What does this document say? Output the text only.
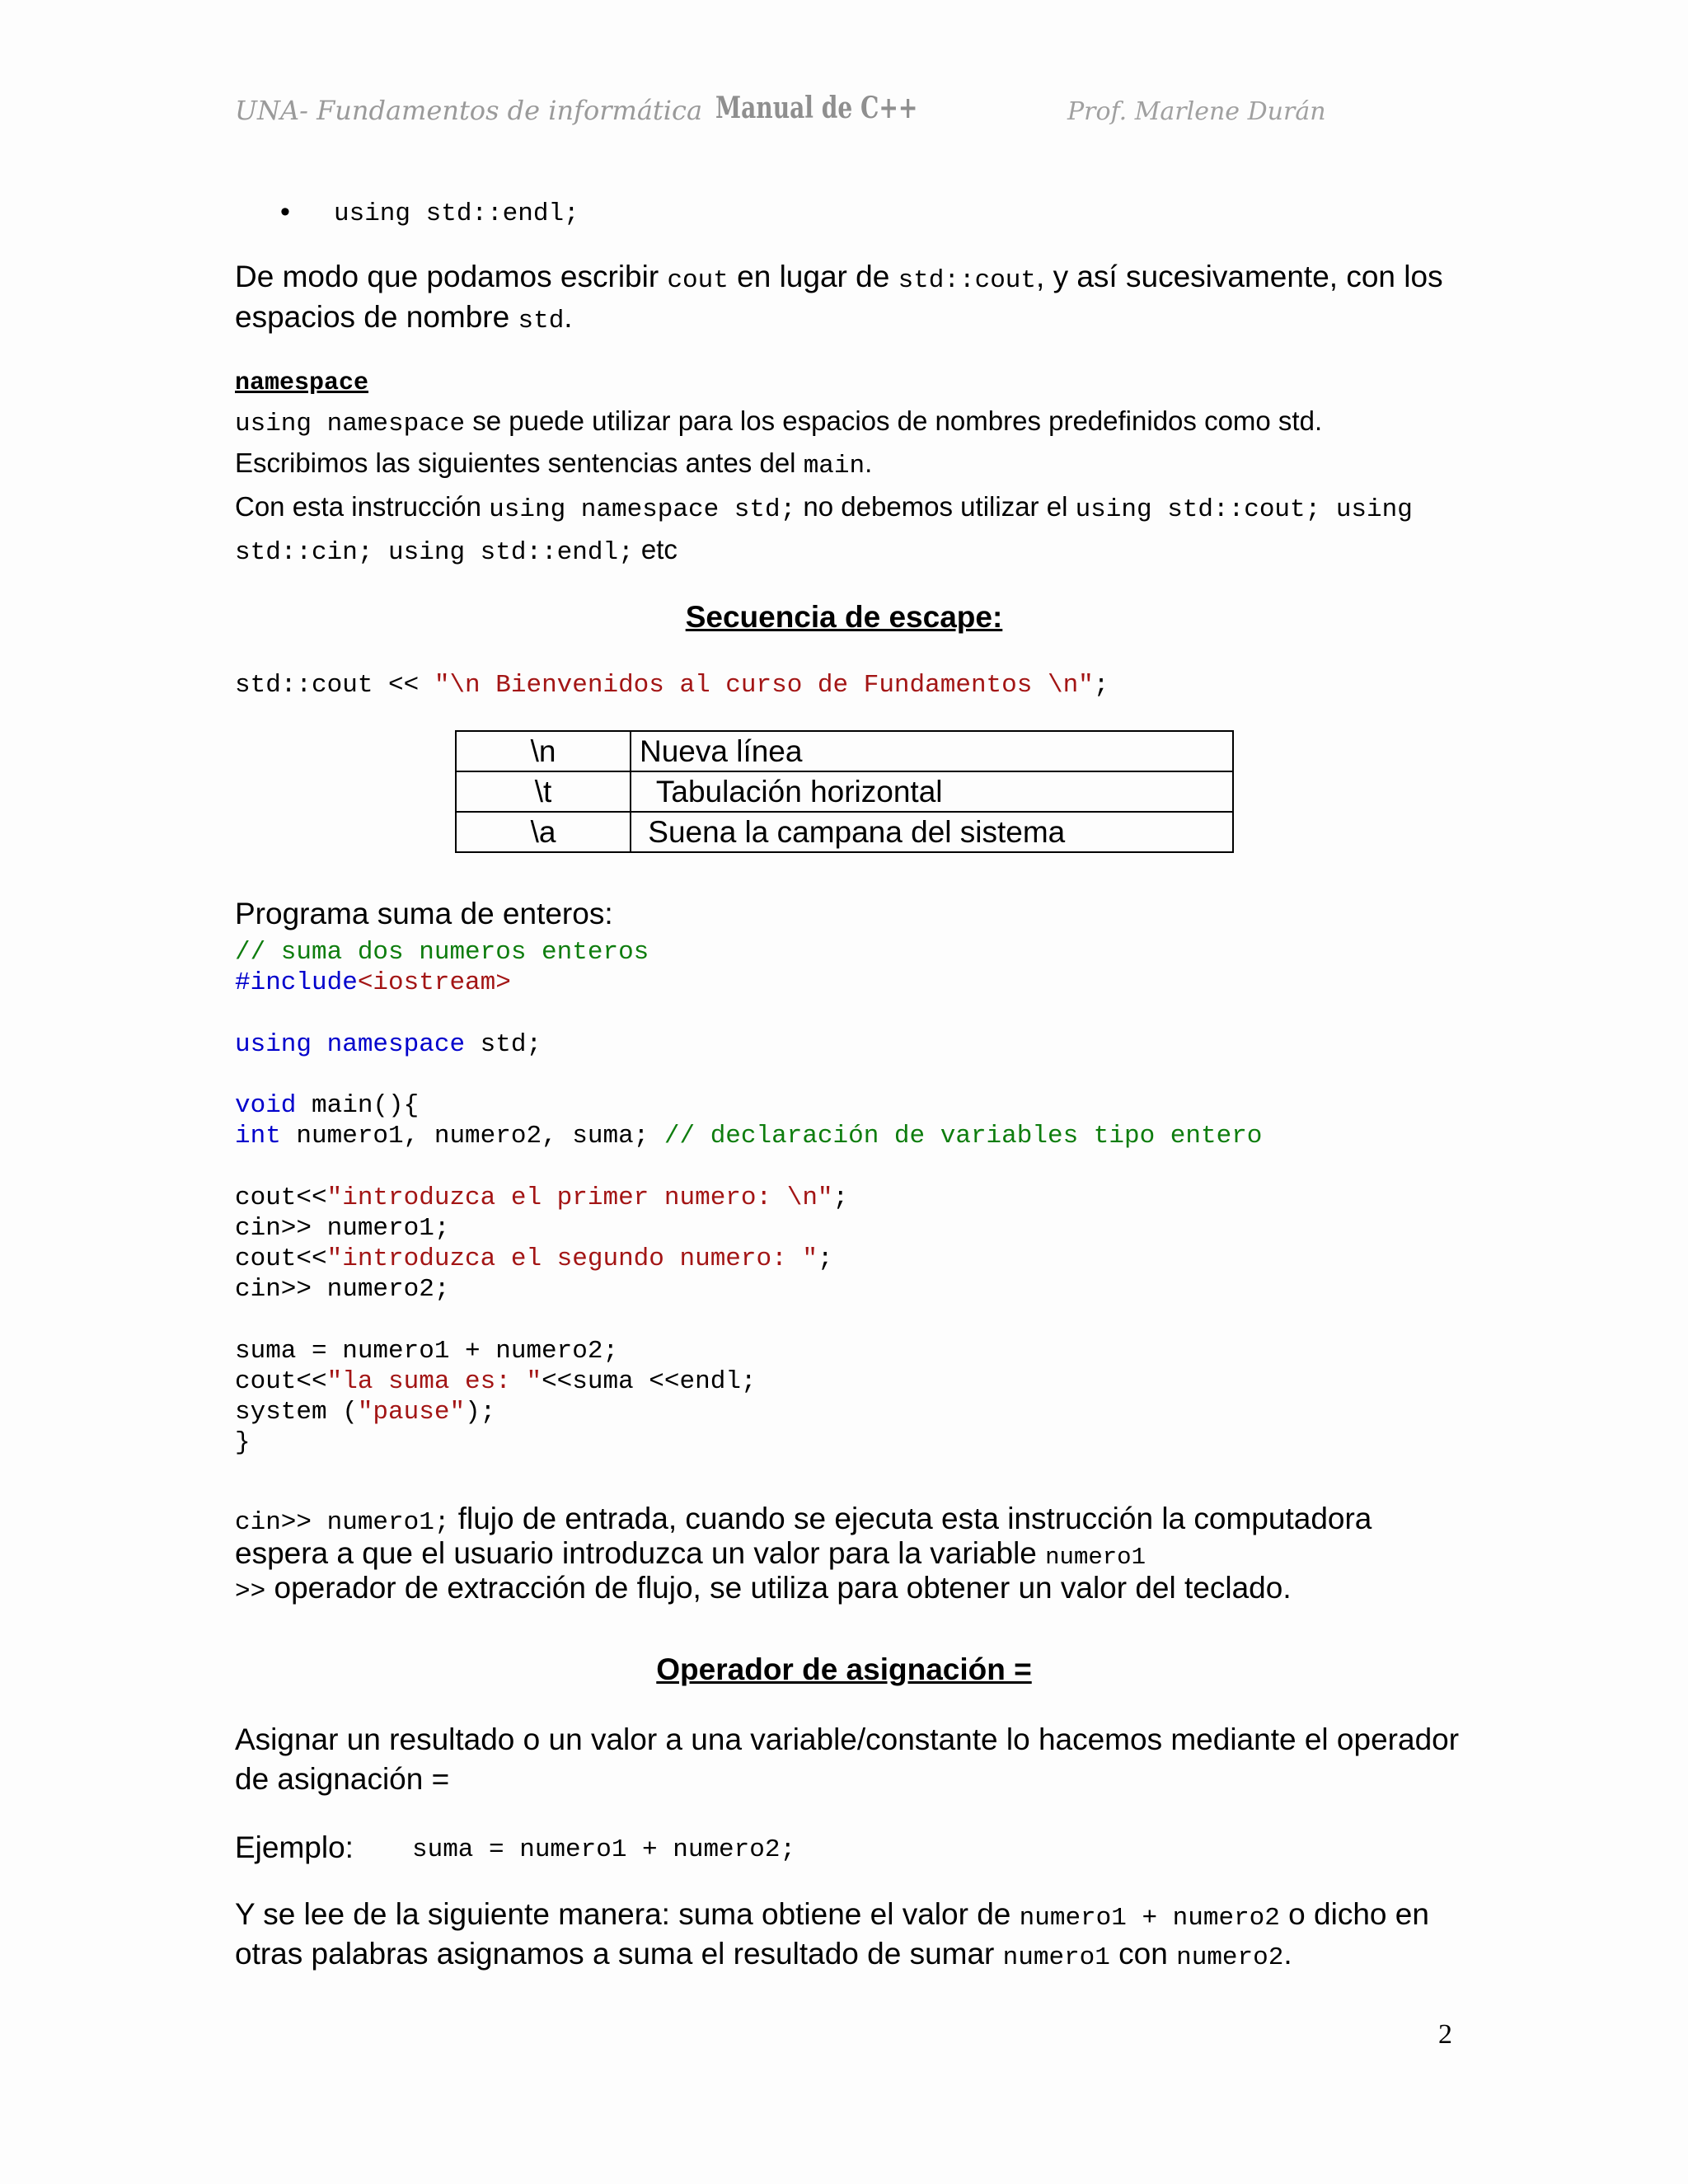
UNA- Fundamentos de informática Manual de C++	Prof. Marlene Durán
• using std::endl;
De modo que podamos escribir cout en lugar de std::cout, y así sucesivamente, con los
espacios de nombre std.
namespace
using namespace se puede utilizar para los espacios de nombres predefinidos como std.
Escribimos las siguientes sentencias antes del main.
Con esta instrucción using namespace std; no debemos utilizar el using std::cout; using
std::cin; using std::endl; etc
Secuencia de escape:
std::cout << "\n Bienvenidos al curso de Fundamentos \n";
\n	Nueva línea
\t	Tabulación horizontal
\a	Suena la campana del sistema
Programa suma de enteros:
// suma dos numeros enteros
#include<iostream>
using namespace std;
void main(){
int numero1, numero2, suma; // declaración de variables tipo entero
cout<<"introduzca el primer numero: \n";
cin>> numero1;
cout<<"introduzca el segundo numero: ";
cin>> numero2;
suma = numero1 + numero2;
cout<<"la suma es: "<<suma <<endl;
system ("pause");
}
cin>> numero1; flujo de entrada, cuando se ejecuta esta instrucción la computadora
espera a que el usuario introduzca un valor para la variable numero1
>> operador de extracción de flujo, se utiliza para obtener un valor del teclado.
Operador de asignación =
Asignar un resultado o un valor a una variable/constante lo hacemos mediante el operador
de asignación =
Ejemplo: suma = numero1 + numero2;
Y se lee de la siguiente manera: suma obtiene el valor de numero1 + numero2 o dicho en
otras palabras asignamos a suma el resultado de sumar numero1 con numero2.
2
